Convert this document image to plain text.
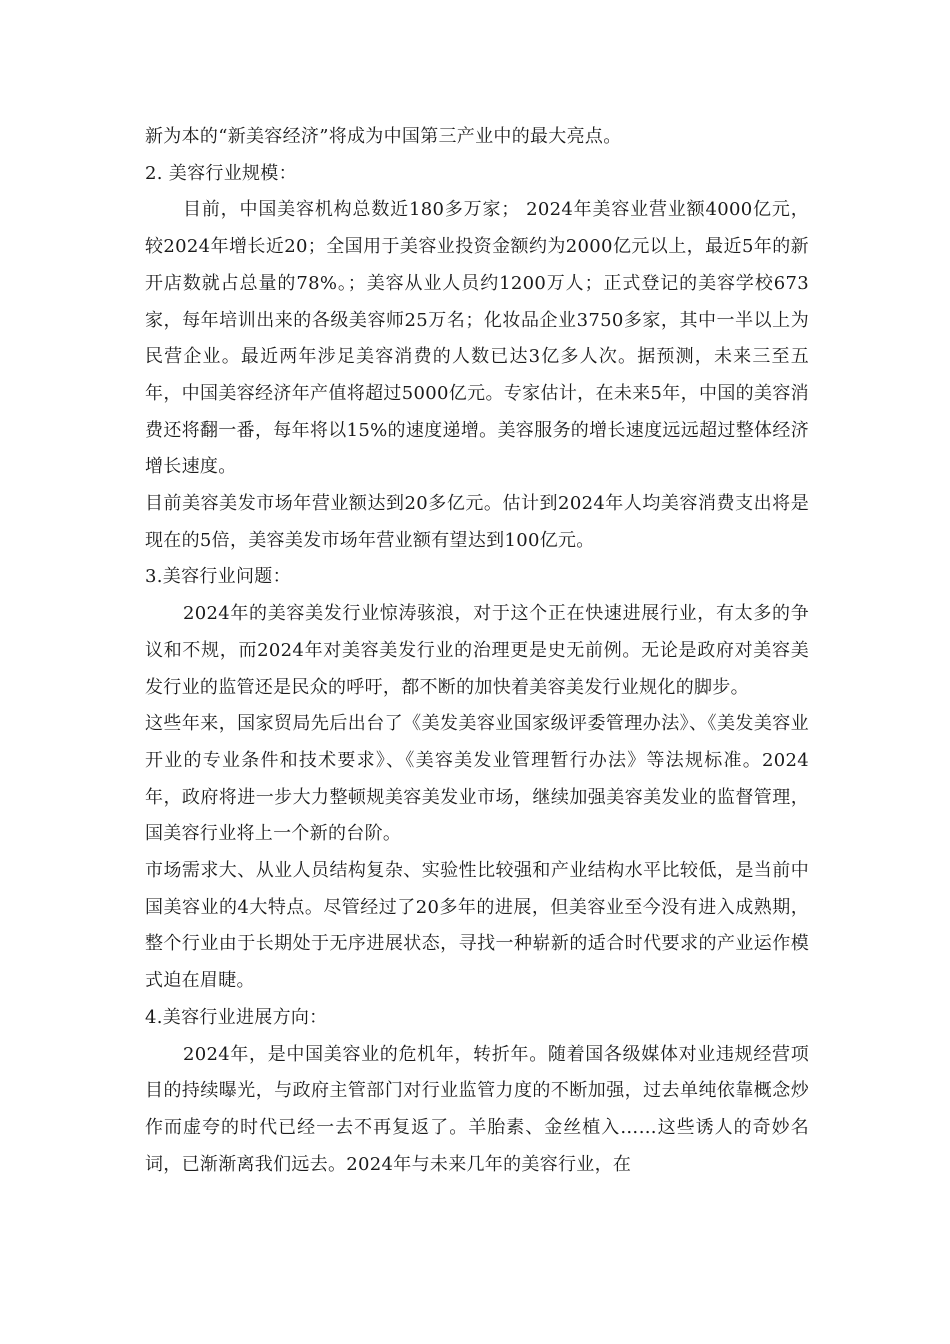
新为本的“新美容经济”将成为中国第三产业中的最大亮点。

2. 美容行业规模：

目前，中国美容机构总数近180多万家； 2024年美容业营业额4000亿元，较2024年增长近20；全国用于美容业投资金额约为2000亿元以上，最近5年的新开店数就占总量的78%。；美容从业人员约1200万人；正式登记的美容学校673家，每年培训出来的各级美容师25万名；化妆品企业3750多家，其中一半以上为民营企业。最近两年涉足美容消费的人数已达3亿多人次。据预测，未来三至五年，中国美容经济年产值将超过5000亿元。专家估计，在未来5年，中国的美容消费还将翻一番，每年将以15%的速度递增。美容服务的增长速度远远超过整体经济增长速度。

目前美容美发市场年营业额达到20多亿元。估计到2024年人均美容消费支出将是现在的5倍，美容美发市场年营业额有望达到100亿元。

3.美容行业问题：

2024年的美容美发行业惊涛骇浪，对于这个正在快速进展行业，有太多的争议和不规，而2024年对美容美发行业的治理更是史无前例。无论是政府对美容美发行业的监管还是民众的呼吁，都不断的加快着美容美发行业规化的脚步。

这些年来，国家贸局先后出台了《美发美容业国家级评委管理办法》、《美发美容业开业的专业条件和技术要求》、《美容美发业管理暂行办法》等法规标准。2024年，政府将进一步大力整顿规美容美发业市场，继续加强美容美发业的监督管理，国美容行业将上一个新的台阶。

市场需求大、从业人员结构复杂、实验性比较强和产业结构水平比较低，是当前中国美容业的4大特点。尽管经过了20多年的进展，但美容业至今没有进入成熟期，整个行业由于长期处于无序进展状态，寻找一种崭新的适合时代要求的产业运作模式迫在眉睫。

4.美容行业进展方向：

2024年，是中国美容业的危机年，转折年。随着国各级媒体对业违规经营项目的持续曝光，与政府主管部门对行业监管力度的不断加强，过去单纯依靠概念炒作而虚夸的时代已经一去不再复返了。羊胎素、金丝植入……这些诱人的奇妙名词，已渐渐离我们远去。2024年与未来几年的美容行业，在
